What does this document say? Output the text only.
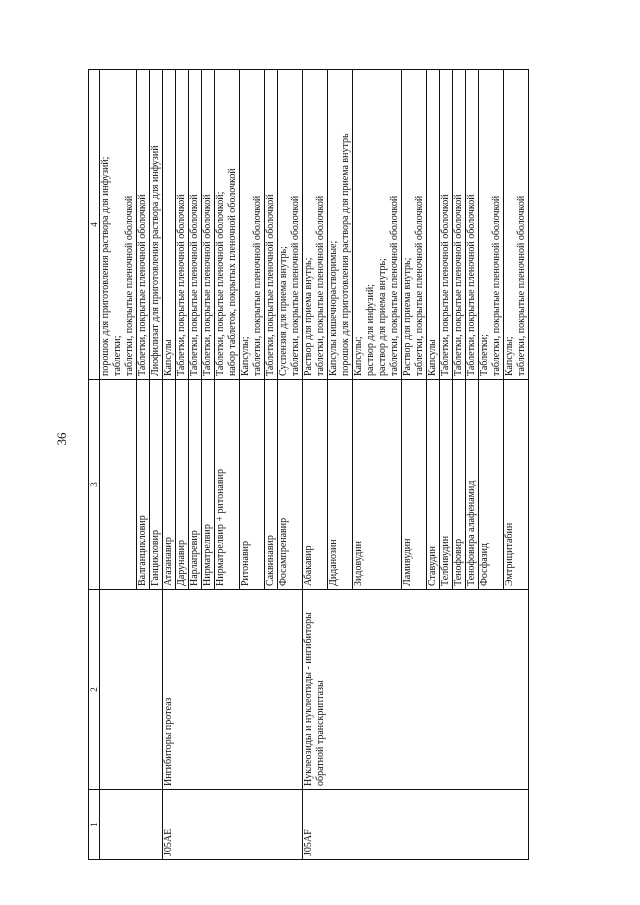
36
1	2	3	4

			порошок для приготовления раствора для инфузий; таблетки; таблетки, покрытые пленочной оболочкой

		Валганцикловир	Таблетки, покрытые пленочной оболочкой

		Ганцикловир	Лиофилизат для приготовления раствора для инфузий

J05AE	Ингибиторы протеаз	Атазанавир	Капсулы

		Дарунавир	Таблетки, покрытые пленочной оболочкой

		Нарлапревир	Таблетки, покрытые пленочной оболочкой

		Нирматрелвир	Таблетки, покрытые пленочной оболочкой

		Нирматрелвир + ритонавир	Таблетки, покрытые пленочной оболочкой; набор таблеток, покрытых пленочной оболочкой

		Ритонавир	Капсулы; таблетки, покрытые пленочной оболочкой

		Саквинавир	Таблетки, покрытые пленочной оболочкой

		Фосампренавир	Суспензия для приема внутрь; таблетки, покрытые пленочной оболочкой

J05AF	Нуклеозиды и нуклеотиды - ингибиторы обратной транскриптазы	Абакавир	Раствор для приема внутрь; таблетки, покрытые пленочной оболочкой

		Диданозин	Капсулы кишечнорастворимые; порошок для приготовления раствора для приема внутрь

		Зидовудин	Капсулы; раствор для инфузий; раствор для приема внутрь; таблетки, покрытые пленочной оболочкой

		Ламивудин	Раствор для приема внутрь; таблетки, покрытые пленочной оболочкой

		Ставудин	Капсулы

		Телбивудин	Таблетки, покрытые пленочной оболочкой

		Тенофовир	Таблетки, покрытые пленочной оболочкой

		Тенофовира алафенамид	Таблетки, покрытые пленочной оболочкой

		Фосфазид	Таблетки; таблетки, покрытые пленочной оболочкой

		Эмтрицитабин	Капсулы; таблетки, покрытые пленочной оболочкой
